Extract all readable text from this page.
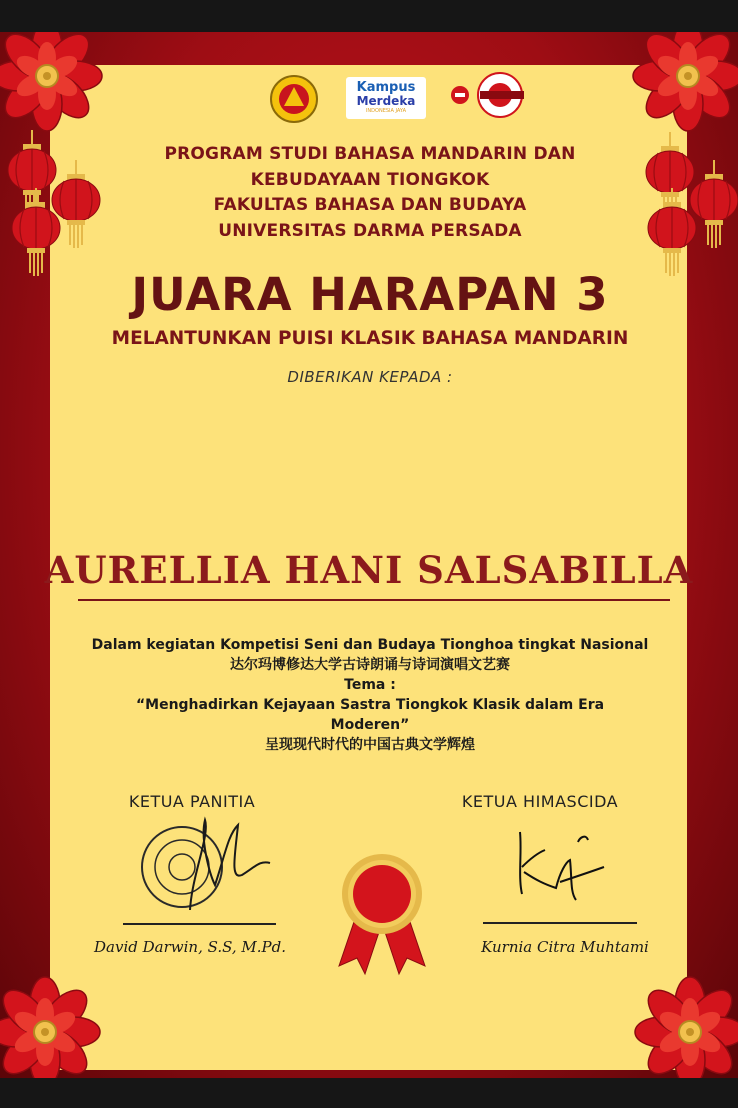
Kampus
Merdeka
INDONESIA JAYA
PROGRAM STUDI BAHASA MANDARIN DAN
KEBUDAYAAN TIONGKOK
FAKULTAS BAHASA DAN BUDAYA
UNIVERSITAS DARMA PERSADA
JUARA HARAPAN 3
MELANTUNKAN PUISI KLASIK BAHASA MANDARIN
DIBERIKAN KEPADA :
AURELLIA HANI SALSABILLA
Dalam kegiatan Kompetisi Seni dan Budaya Tionghoa tingkat Nasional
达尔玛博修达大学古诗朗诵与诗词演唱文艺赛
Tema :
“Menghadirkan Kejayaan Sastra Tiongkok Klasik dalam Era
Moderen”
呈现现代时代的中国古典文学辉煌
KETUA PANITIA
David Darwin, S.S, M.Pd.
KETUA HIMASCIDA
Kurnia Citra Muhtami
